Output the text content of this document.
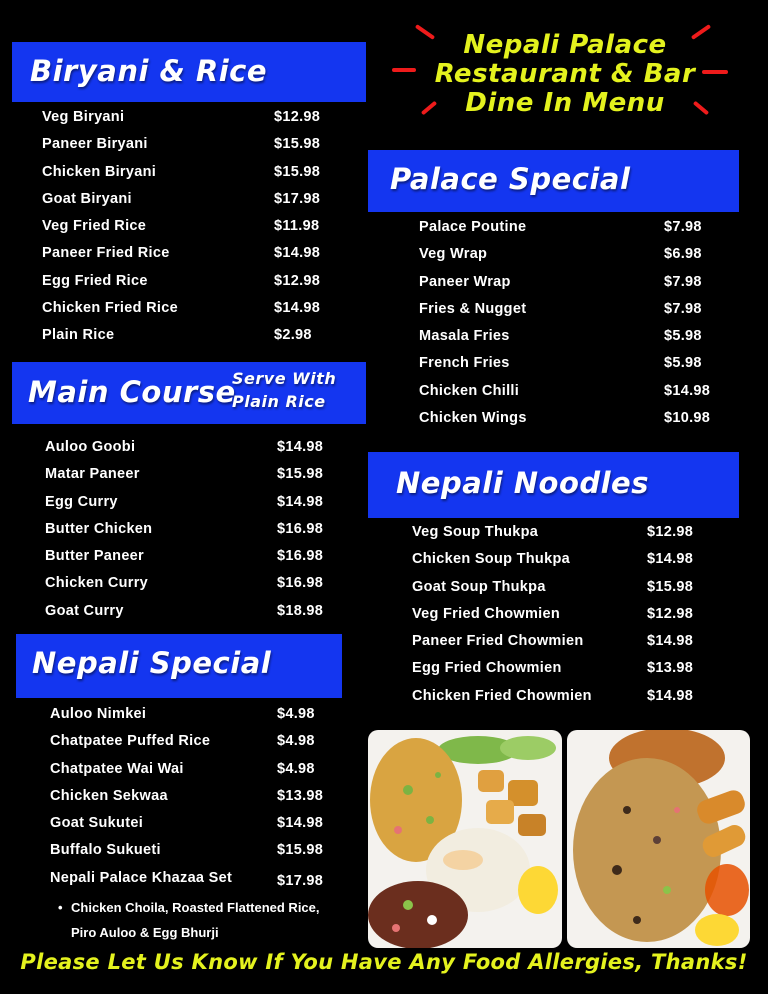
Nepali Palace
Restaurant & Bar
Dine In Menu
Biryani & Rice
Veg Biryani	$12.98
Paneer Biryani	$15.98
Chicken Biryani	$15.98
Goat Biryani	$17.98
Veg Fried Rice	$11.98
Paneer Fried Rice	$14.98
Egg Fried Rice	$12.98
Chicken Fried Rice	$14.98
Plain Rice	$2.98
Main Course
Serve With
Plain Rice
Auloo Goobi	$14.98
Matar Paneer	$15.98
Egg Curry	$14.98
Butter Chicken	$16.98
Butter Paneer	$16.98
Chicken Curry	$16.98
Goat Curry	$18.98
Nepali Special
Auloo Nimkei	$4.98
Chatpatee Puffed Rice	$4.98
Chatpatee Wai Wai	$4.98
Chicken Sekwaa	$13.98
Goat Sukutei	$14.98
Buffalo Sukueti	$15.98
Nepali Palace Khazaa Set	$17.98
• Chicken Choila, Roasted Flattened Rice, Piro Auloo & Egg Bhurji
Palace Special
Palace Poutine	$7.98
Veg Wrap	$6.98
Paneer Wrap	$7.98
Fries & Nugget	$7.98
Masala Fries	$5.98
French Fries	$5.98
Chicken Chilli	$14.98
Chicken Wings	$10.98
Nepali Noodles
Veg Soup Thukpa	$12.98
Chicken Soup Thukpa	$14.98
Goat Soup Thukpa	$15.98
Veg Fried Chowmien	$12.98
Paneer Fried Chowmien	$14.98
Egg Fried Chowmien	$13.98
Chicken Fried Chowmien	$14.98
Please Let Us Know If You Have Any Food Allergies, Thanks!
